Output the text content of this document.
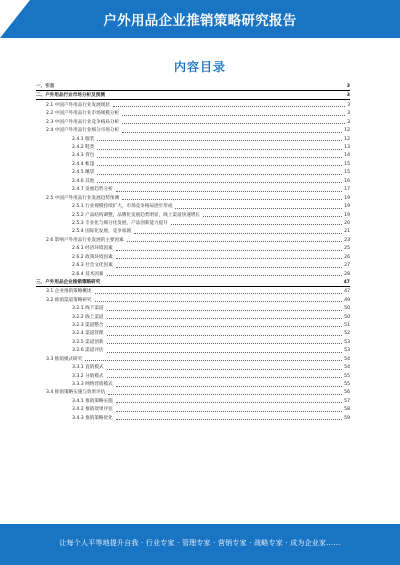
户外用品企业推销策略研究报告
内容目录
一、引言	3
二、户外用品行业市场分析及预测	3
2.1 中国户外用品行业发展现状	3
2.2 中国户外用品行业市场规模分析	3
2.3 中国户外用品行业竞争格局分析	3
2.4 中国户外用品行业细分市场分析	12
2.4.1 服装	12
2.4.2 鞋类	13
2.4.3 背包	14
2.4.4 帐篷	15
2.4.5 睡袋	15
2.4.6 其他	16
2.4.7 发展趋势分析	17
2.5 中国户外用品行业发展趋势预测	19
2.5.1 行业规模持续扩大，市场竞争格局逐步形成	19
2.5.2 产品结构调整，品牌化发展趋势明显，线上渠道快速增长	19
2.5.3 专业化与细分化发展，产品创新能力提升	20
2.5.4 国际化发展，竞争加剧	21
2.6 影响户外用品行业发展的主要因素	23
2.6.1 经济环境因素	25
2.6.2 政策环境因素	26
2.6.3 社会文化因素	27
2.6.4 技术因素	28
三、户外用品企业推销策略研究	47
3.1 企业推销策略概述	47
3.2 推销渠道策略研究	49
3.2.1 线下渠道	50
3.2.2 线上渠道	50
3.2.3 渠道整合	51
3.2.4 渠道管理	52
3.2.5 渠道创新	53
3.2.6 渠道评估	53
3.3 推销模式研究	54
3.3.1 直销模式	54
3.3.2 分销模式	55
3.3.3 网络营销模式	55
3.4 推销策略实施与效果评估	56
3.4.1 推销策略实施	57
3.4.2 推销效果评估	58
3.4.3 推销策略优化	59
让每个人平等地提升自我 · 行业专家 · 管理专家 · 营销专家 · 战略专家 · 成为企业家……
